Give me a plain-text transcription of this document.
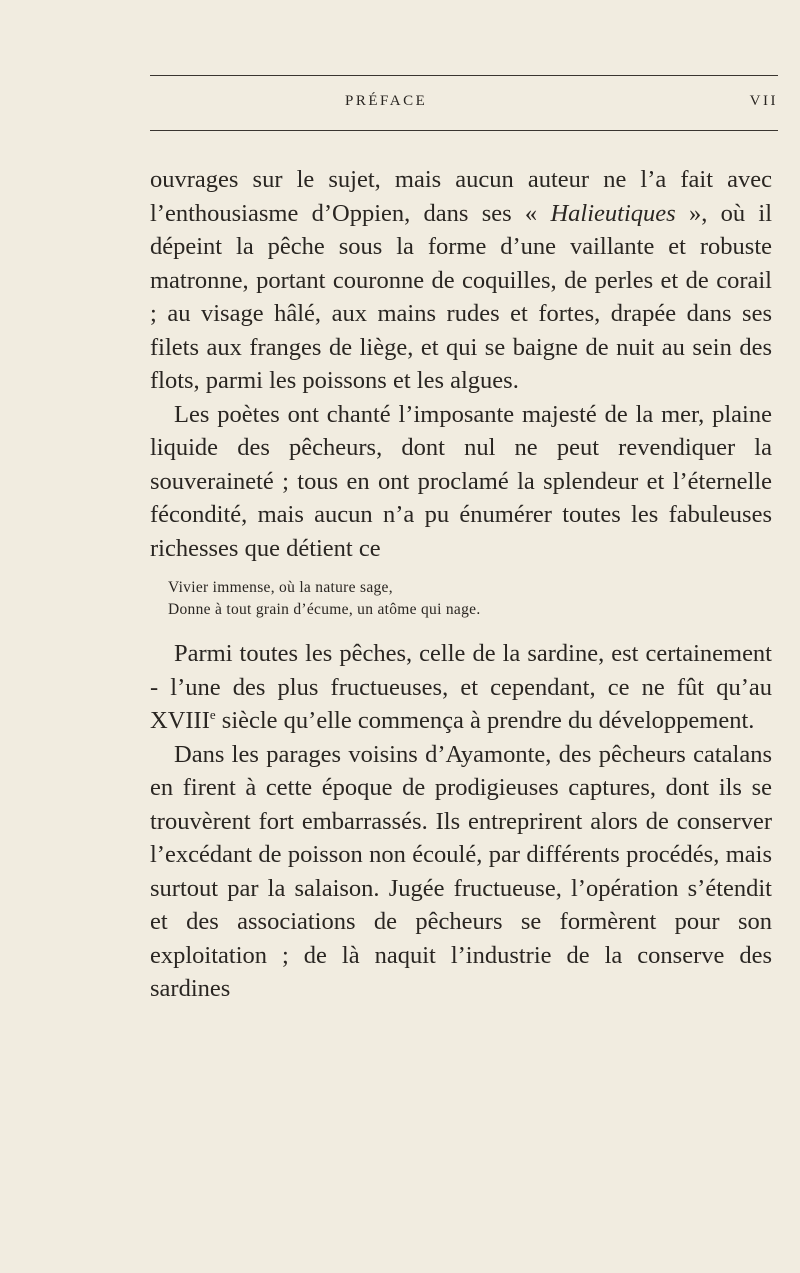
PRÉFACE	VII

ouvrages sur le sujet, mais aucun auteur ne l’a fait avec l’enthousiasme d’Oppien, dans ses « Halieutiques », où il dépeint la pêche sous la forme d’une vaillante et robuste matronne, portant couronne de coquilles, de perles et de corail ; au visage hâlé, aux mains rudes et fortes, drapée dans ses filets aux franges de liège, et qui se baigne de nuit au sein des flots, parmi les poissons et les algues.

Les poètes ont chanté l’imposante majesté de la mer, plaine liquide des pêcheurs, dont nul ne peut revendiquer la souveraineté ; tous en ont proclamé la splendeur et l’éternelle fécondité, mais aucun n’a pu énumérer toutes les fabuleuses richesses que détient ce

Vivier immense, où la nature sage,
Donne à tout grain d’écume, un atôme qui nage.

Parmi toutes les pêches, celle de la sardine, est certainement - l’une des plus fructueuses, et cependant, ce ne fût qu’au XVIIIe siècle qu’elle commença à prendre du développement.

Dans les parages voisins d’Ayamonte, des pêcheurs catalans en firent à cette époque de prodigieuses captures, dont ils se trouvèrent fort embarrassés. Ils entreprirent alors de conserver l’excédant de poisson non écoulé, par différents procédés, mais surtout par la salaison. Jugée fructueuse, l’opération s’étendit et des associations de pêcheurs se formèrent pour son exploitation ; de là naquit l’industrie de la conserve des sardines
